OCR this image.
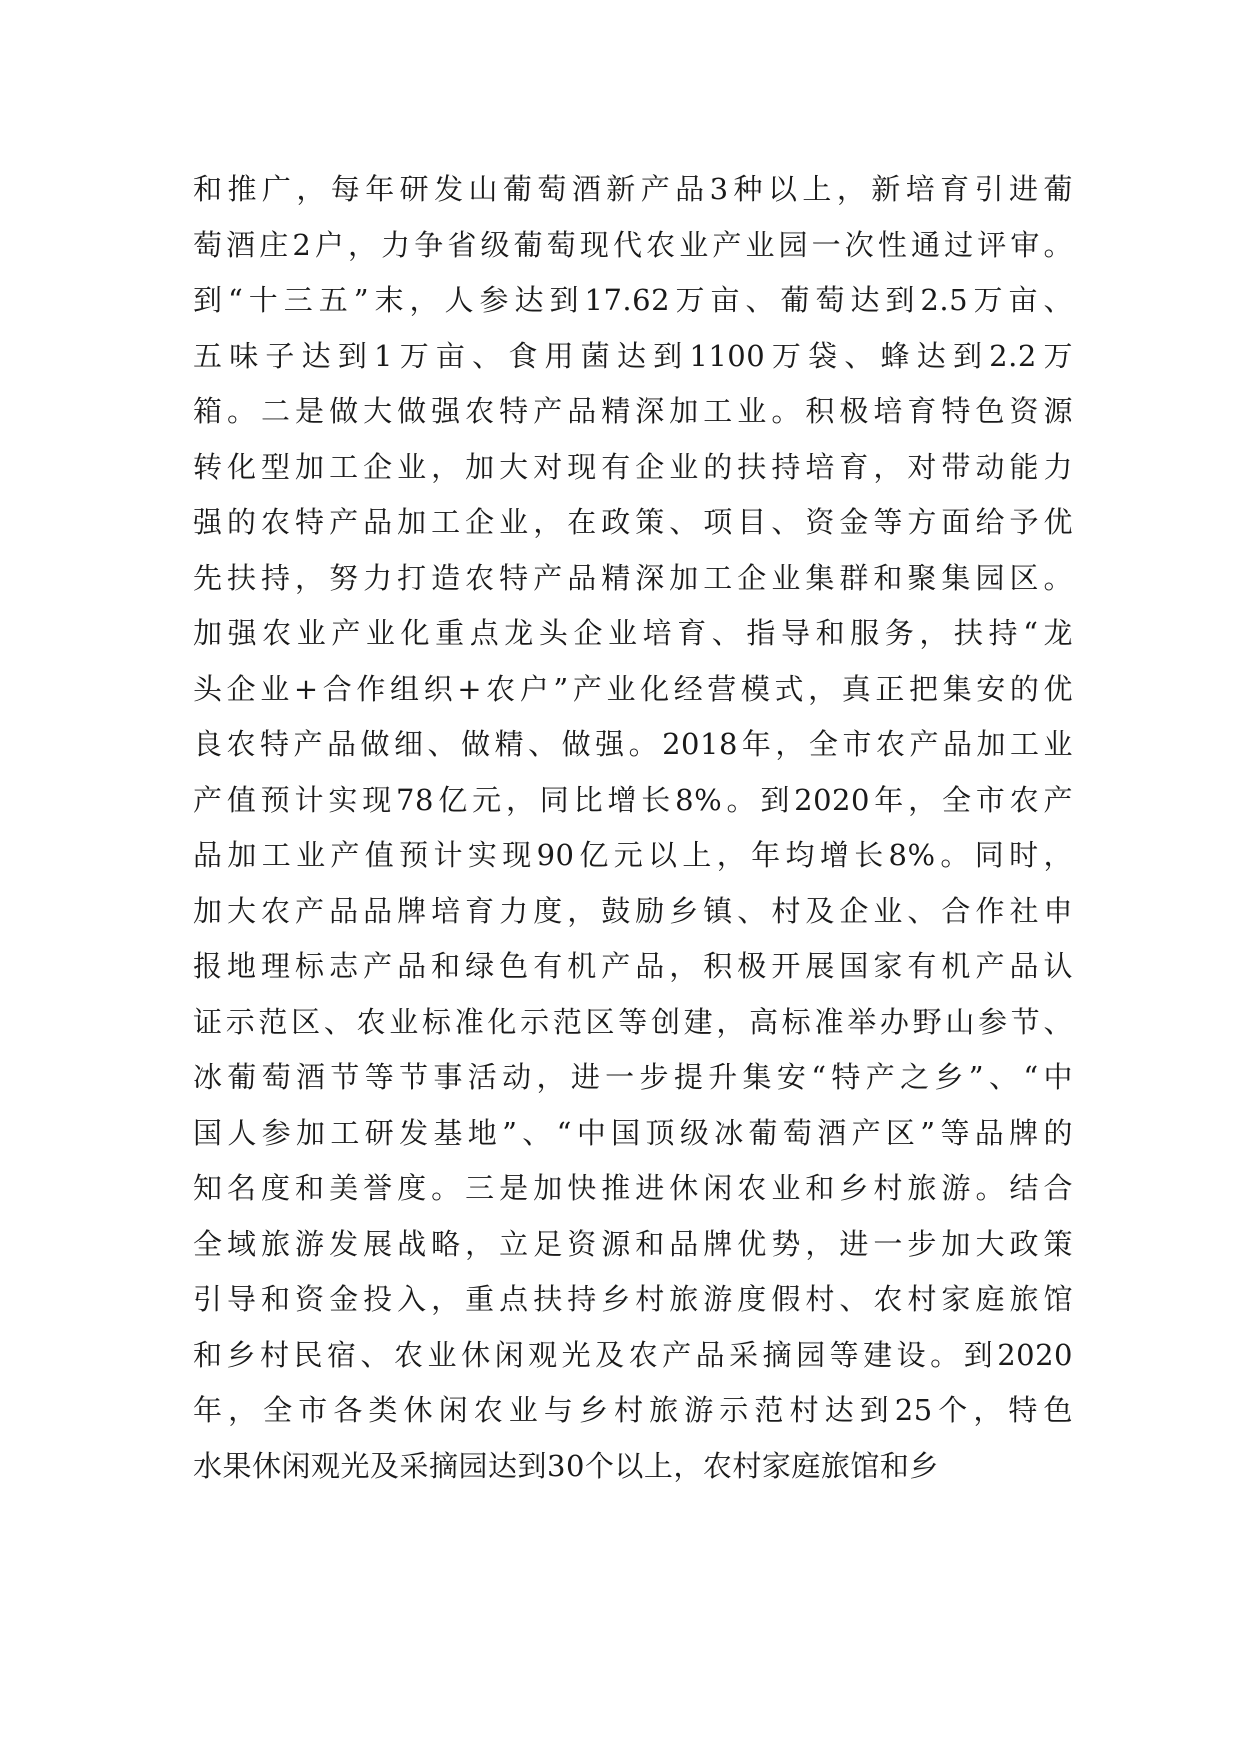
和推广，每年研发山葡萄酒新产品3种以上，新培育引进葡
萄酒庄2户，力争省级葡萄现代农业产业园一次性通过评审。
到“十三五”末，人参达到17.62万亩、葡萄达到2.5万亩、
五味子达到1万亩、食用菌达到1100万袋、蜂达到2.2万
箱。二是做大做强农特产品精深加工业。积极培育特色资源
转化型加工企业，加大对现有企业的扶持培育，对带动能力
强的农特产品加工企业，在政策、项目、资金等方面给予优
先扶持，努力打造农特产品精深加工企业集群和聚集园区。
加强农业产业化重点龙头企业培育、指导和服务，扶持“龙
头企业+合作组织+农户”产业化经营模式，真正把集安的优
良农特产品做细、做精、做强。2018年，全市农产品加工业
产值预计实现78亿元，同比增长8%。到2020年，全市农产
品加工业产值预计实现90亿元以上，年均增长8%。同时，
加大农产品品牌培育力度，鼓励乡镇、村及企业、合作社申
报地理标志产品和绿色有机产品，积极开展国家有机产品认
证示范区、农业标准化示范区等创建，高标准举办野山参节、
冰葡萄酒节等节事活动，进一步提升集安“特产之乡”、“中
国人参加工研发基地”、“中国顶级冰葡萄酒产区”等品牌的
知名度和美誉度。三是加快推进休闲农业和乡村旅游。结合
全域旅游发展战略，立足资源和品牌优势，进一步加大政策
引导和资金投入，重点扶持乡村旅游度假村、农村家庭旅馆
和乡村民宿、农业休闲观光及农产品采摘园等建设。到2020
年，全市各类休闲农业与乡村旅游示范村达到25个，特色
水果休闲观光及采摘园达到30个以上，农村家庭旅馆和乡
